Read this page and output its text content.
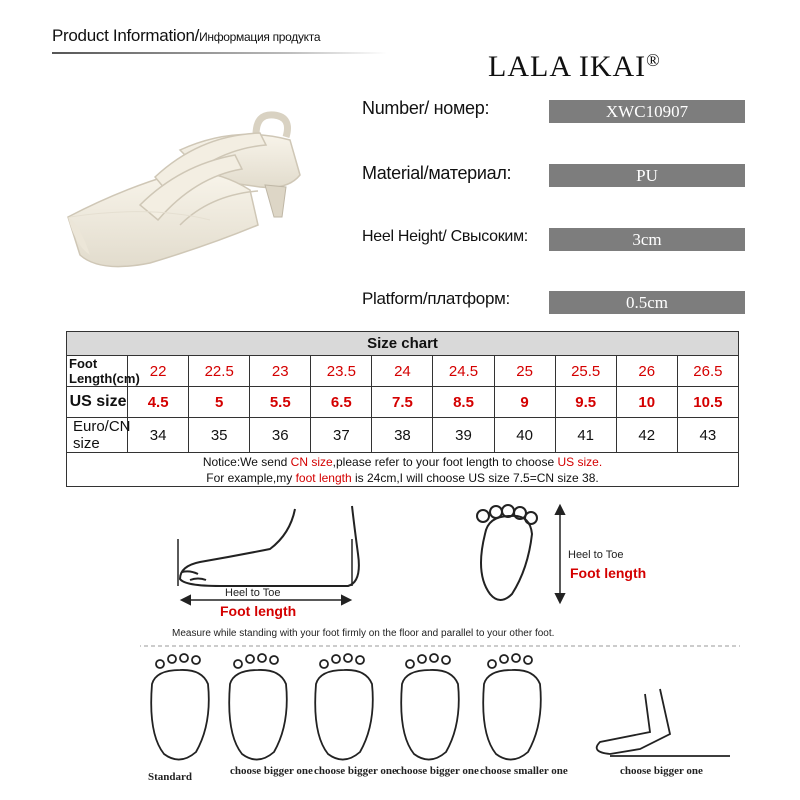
Product Information/Информация продукта
LALA IKAI®
Number/ номер:	XWC10907
Material/материал:	PU
Heel Height/ Свысоким:	3cm
Platform/платформ:	0.5cm
Size chart										
Foot Length(cm)	22	22.5	23	23.5	24	24.5	25	25.5	26	26.5
US size	4.5	5	5.5	6.5	7.5	8.5	9	9.5	10	10.5
Euro/CN size	34	35	36	37	38	39	40	41	42	43

Notice:We send CN size,please refer to your foot length to choose US size.
For example,my foot length is 24cm,I will choose US size 7.5=CN size 38.										
Heel to Toe
Foot length
Heel to Toe
Foot length
Measure while standing with your foot firmly on the floor and parallel to your other foot.
Standard	choose bigger one choose bigger one choose bigger one choose smaller one	choose bigger one
